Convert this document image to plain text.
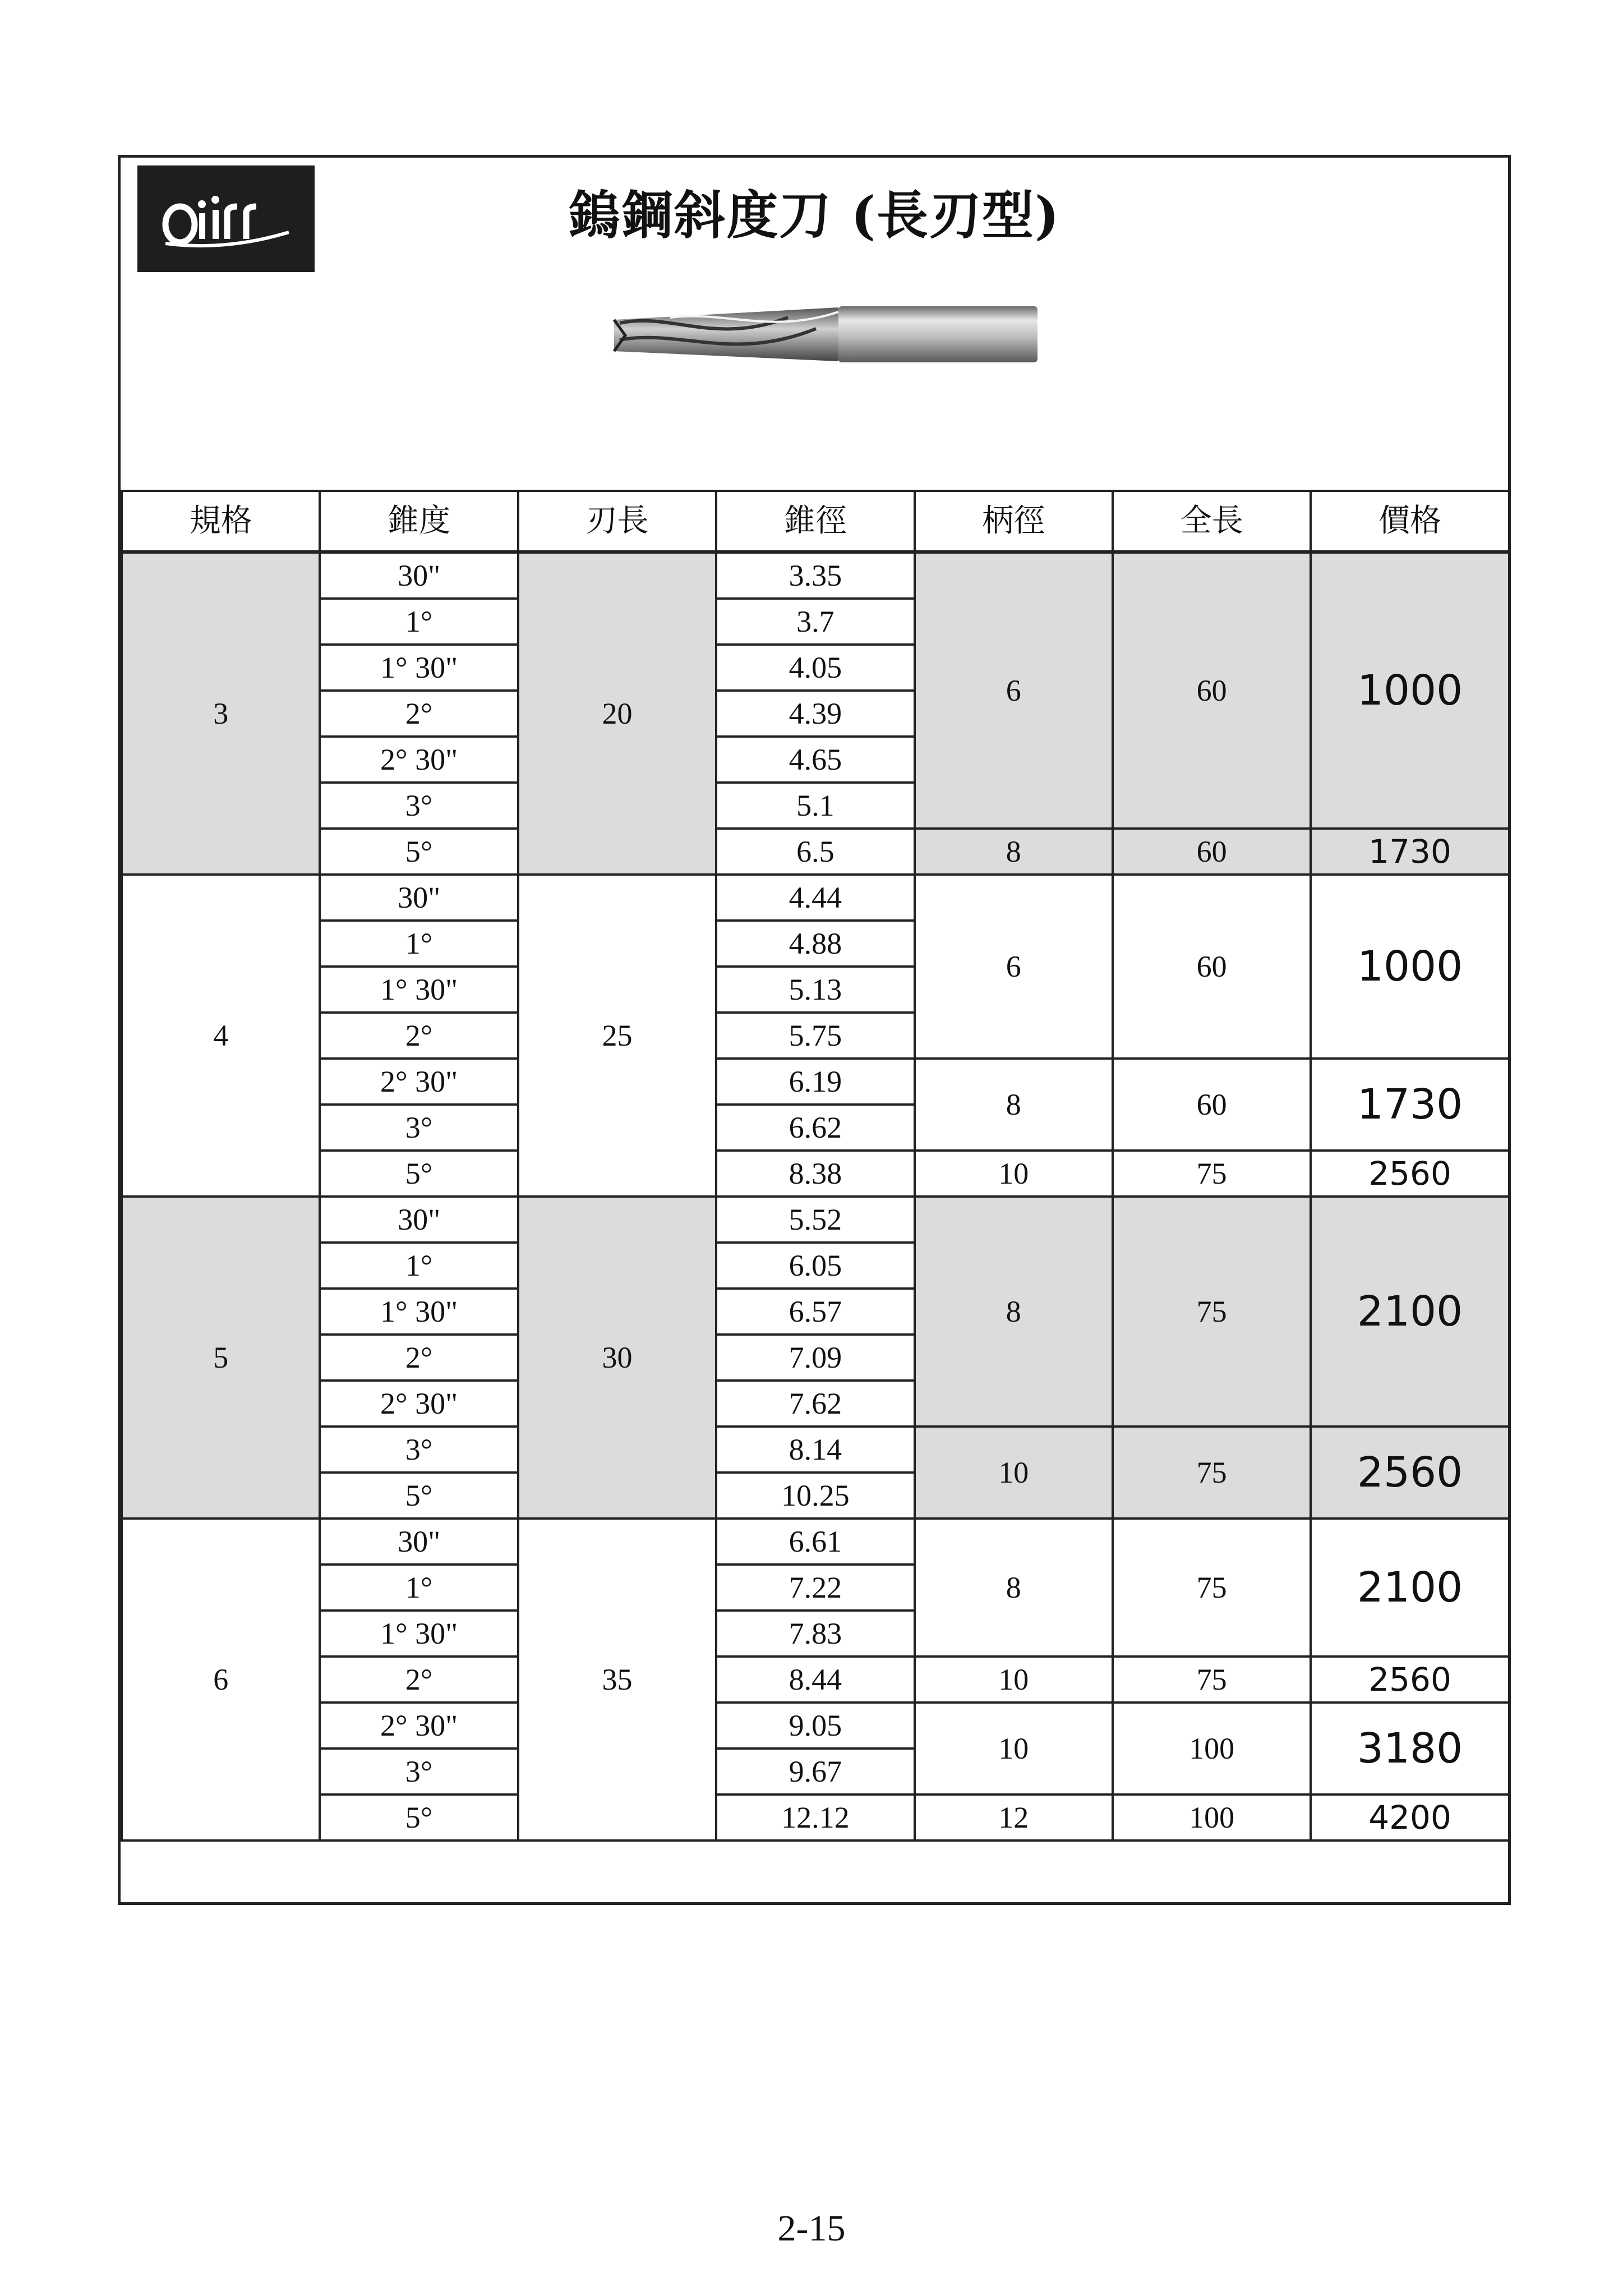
鎢鋼斜度刀 (長刃型)
規格	錐度	刃長	錐徑	柄徑	全長	價格
3	30"	20	3.35	6	60	1000
	1°		3.7			
	1° 30"		4.05			
	2°		4.39			
	2° 30"		4.65			
	3°		5.1			
	5°		6.5	8	60	1730
4	30"	25	4.44	6	60	1000
	1°		4.88			
	1° 30"		5.13			
	2°		5.75			
	2° 30"		6.19	8	60	1730
	3°		6.62			
	5°		8.38	10	75	2560
5	30"	30	5.52	8	75	2100
	1°		6.05			
	1° 30"		6.57			
	2°		7.09			
	2° 30"		7.62			
	3°		8.14	10	75	2560
	5°		10.25			
6	30"	35	6.61	8	75	2100
	1°		7.22			
	1° 30"		7.83			
	2°		8.44	10	75	2560
	2° 30"		9.05	10	100	3180
	3°		9.67			
	5°		12.12	12	100	4200
2-15
